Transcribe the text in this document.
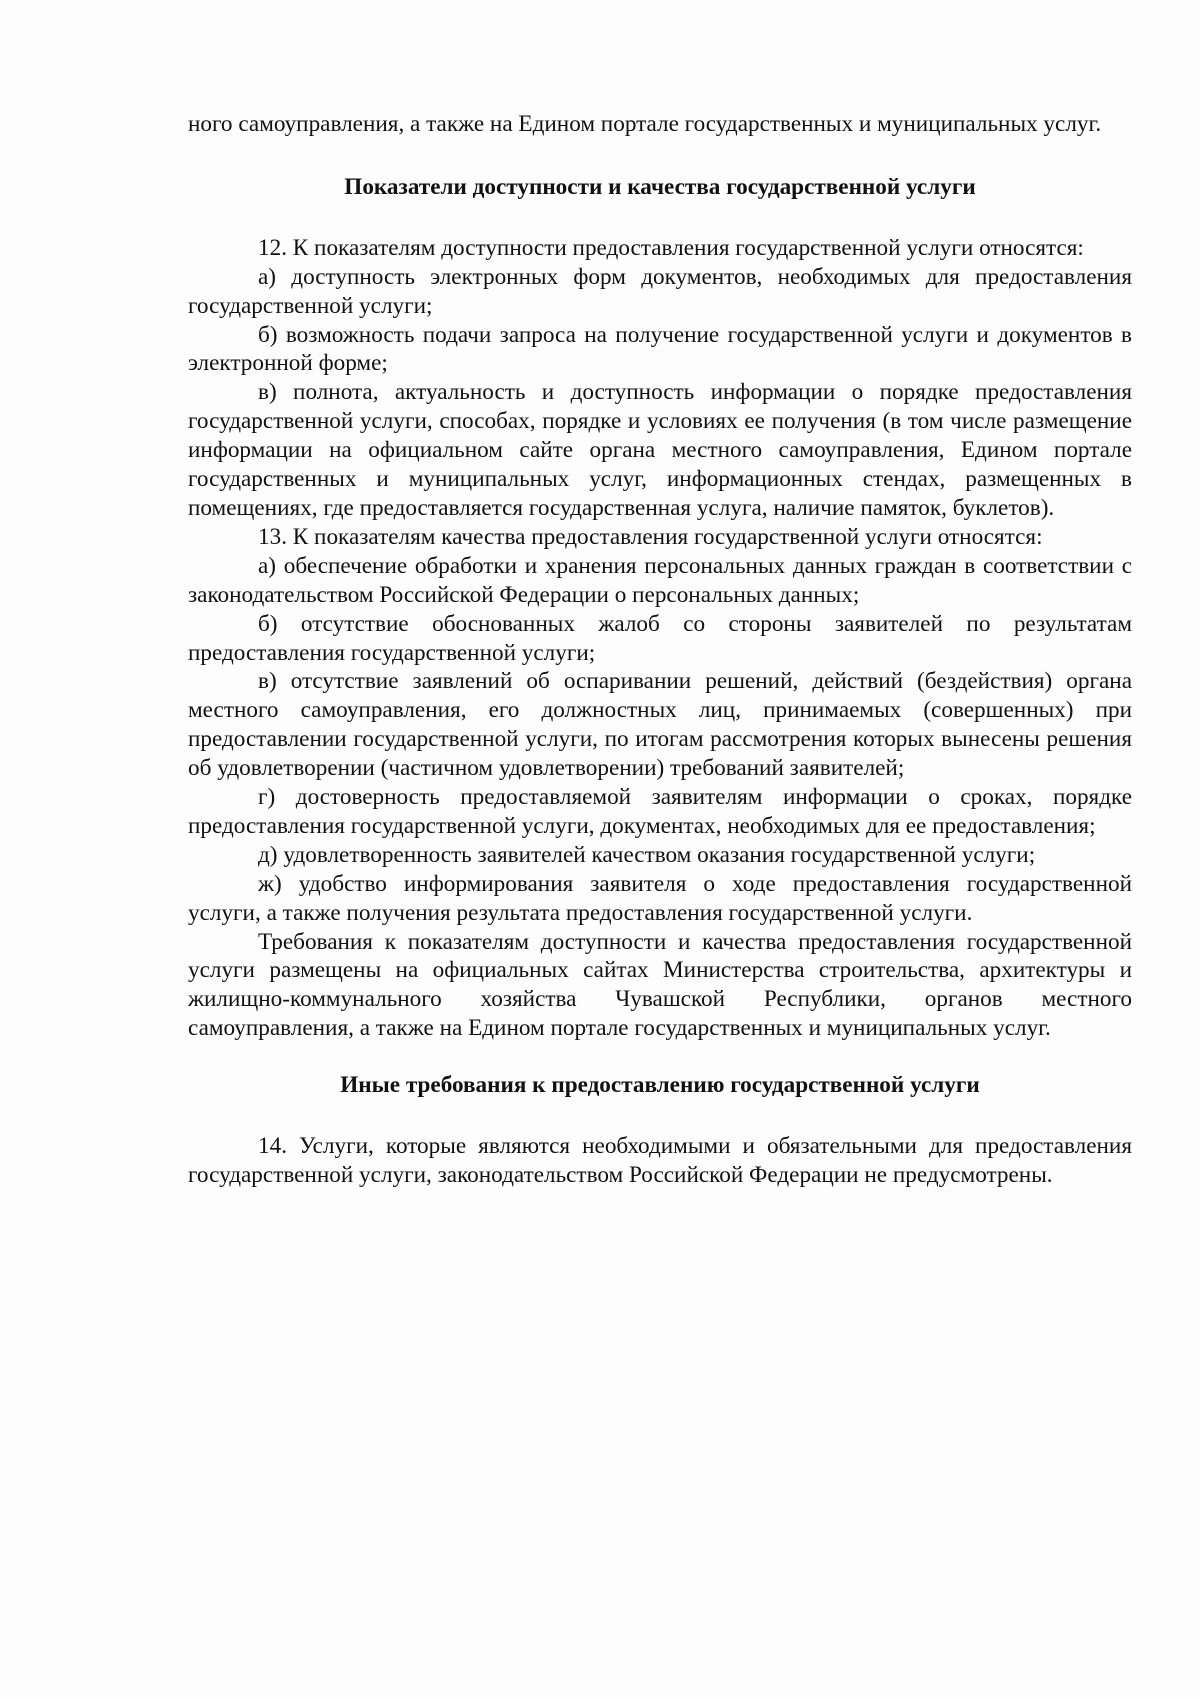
ного самоуправления, а также на Едином портале государственных и муниципальных услуг.

Показатели доступности и качества государственной услуги

12. К показателям доступности предоставления государственной услуги относятся:

а) доступность электронных форм документов, необходимых для предоставления государственной услуги;

б) возможность подачи запроса на получение государственной услуги и документов в электронной форме;

в) полнота, актуальность и доступность информации о порядке предоставления государственной услуги, способах, порядке и условиях ее получения (в том числе размещение информации на официальном сайте органа местного самоуправления, Едином портале государственных и муниципальных услуг, информационных стендах, размещенных в помещениях, где предоставляется государственная услуга, наличие памяток, буклетов).

13. К показателям качества предоставления государственной услуги относятся:

а) обеспечение обработки и хранения персональных данных граждан в соответствии с законодательством Российской Федерации о персональных данных;

б) отсутствие обоснованных жалоб со стороны заявителей по результатам предоставления государственной услуги;

в) отсутствие заявлений об оспаривании решений, действий (бездействия) органа местного самоуправления, его должностных лиц, принимаемых (совершенных) при предоставлении государственной услуги, по итогам рассмотрения которых вынесены решения об удовлетворении (частичном удовлетворении) требований заявителей;

г) достоверность предоставляемой заявителям информации о сроках, порядке предоставления государственной услуги, документах, необходимых для ее предоставления;

д) удовлетворенность заявителей качеством оказания государственной услуги;

ж) удобство информирования заявителя о ходе предоставления государственной услуги, а также получения результата предоставления государственной услуги.

Требования к показателям доступности и качества предоставления государственной услуги размещены на официальных сайтах Министерства строительства, архитектуры и жилищно-коммунального хозяйства Чувашской Республики, органов местного самоуправления, а также на Едином портале государственных и муниципальных услуг.

Иные требования к предоставлению государственной услуги

14. Услуги, которые являются необходимыми и обязательными для предоставления государственной услуги, законодательством Российской Федерации не предусмотрены.
